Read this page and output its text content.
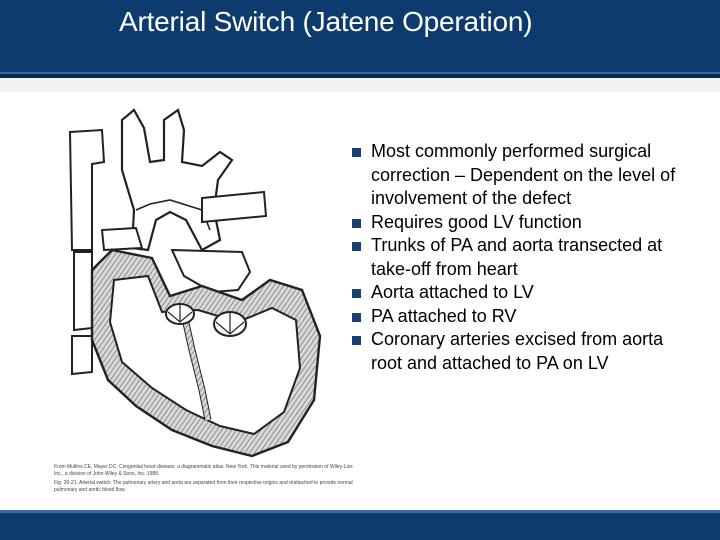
Arterial Switch (Jatene Operation)
From Mullins CE, Mayer DC: Congenital heart disease: a diagrammatic atlas. New York. This material used by permission of Wiley-Liss Inc., a division of John Wiley & Sons, Inc. 1988.
Fig. 30-21. Arterial switch. The pulmonary artery and aorta are separated from their respective origins and reattached to provide normal pulmonary and aortic blood flow.
Most commonly performed surgical correction – Dependent on the level of involvement of the defect
Requires good LV function
Trunks of PA and aorta transected at take-off from heart
Aorta attached to LV
PA attached to RV
Coronary arteries excised from aorta root and attached to PA on LV
